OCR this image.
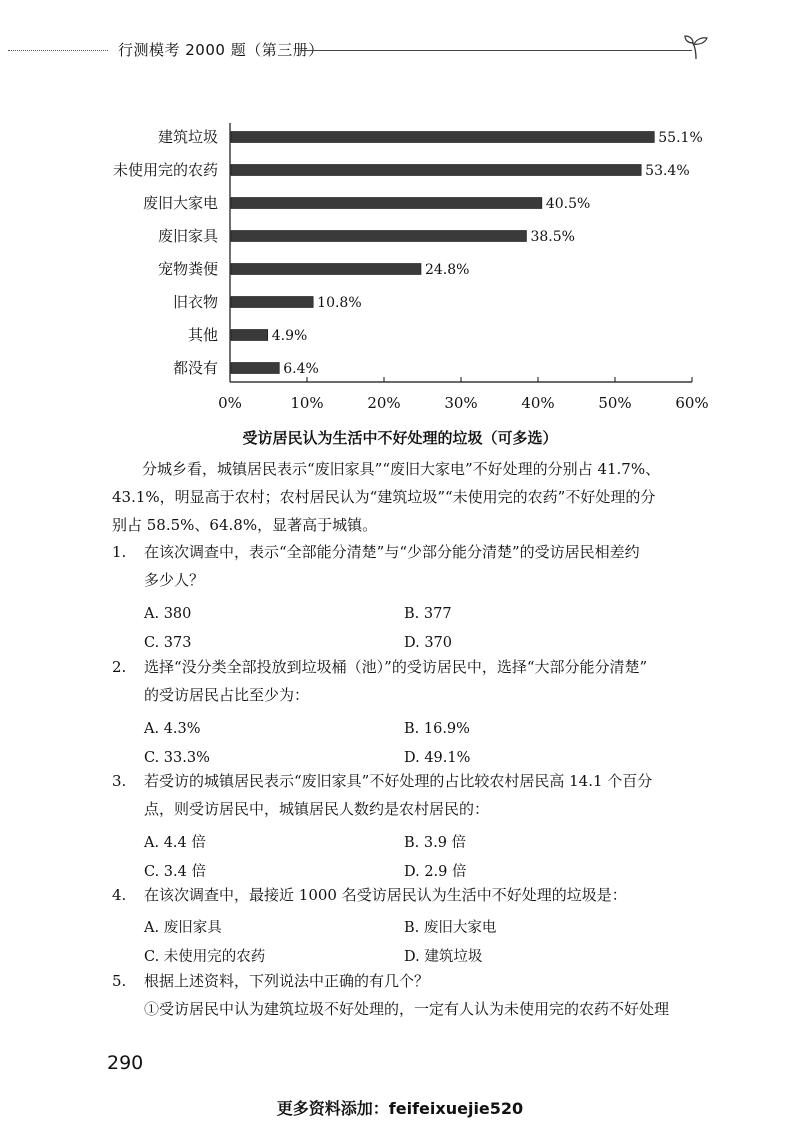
行测模考 2000 题（第三册）
建筑垃圾
未使用完的农药
废旧大家电
废旧家具
宠物粪便
旧衣物
其他
都没有
55.1%
53.4%
40.5%
38.5%
24.8%
10.8%
4.9%
6.4%
0%	10%	20%	30%	40%	50%	60%
受访居民认为生活中不好处理的垃圾（可多选）

分城乡看，城镇居民表示“废旧家具”“废旧大家电”不好处理的分别占 41.7%、

43.1%，明显高于农村；农村居民认为“建筑垃圾”“未使用完的农药”不好处理的分

别占 58.5%、64.8%，显著高于城镇。

1. 在该次调查中，表示“全部能分清楚”与“少部分能分清楚”的受访居民相差约
多少人？
A. 380	B. 377
C. 373	D. 370
2. 选择“没分类全部投放到垃圾桶（池）”的受访居民中，选择“大部分能分清楚”
的受访居民占比至少为：
A. 4.3%	B. 16.9%
C. 33.3%	D. 49.1%
3. 若受访的城镇居民表示“废旧家具”不好处理的占比较农村居民高 14.1 个百分
点，则受访居民中，城镇居民人数约是农村居民的：
A. 4.4 倍	B. 3.9 倍
C. 3.4 倍	D. 2.9 倍
4. 在该次调查中，最接近 1000 名受访居民认为生活中不好处理的垃圾是：
A. 废旧家具	B. 废旧大家电
C. 未使用完的农药	D. 建筑垃圾
5. 根据上述资料，下列说法中正确的有几个？
①受访居民中认为建筑垃圾不好处理的，一定有人认为未使用完的农药不好处理
290
更多资料添加：feifeixuejie520
